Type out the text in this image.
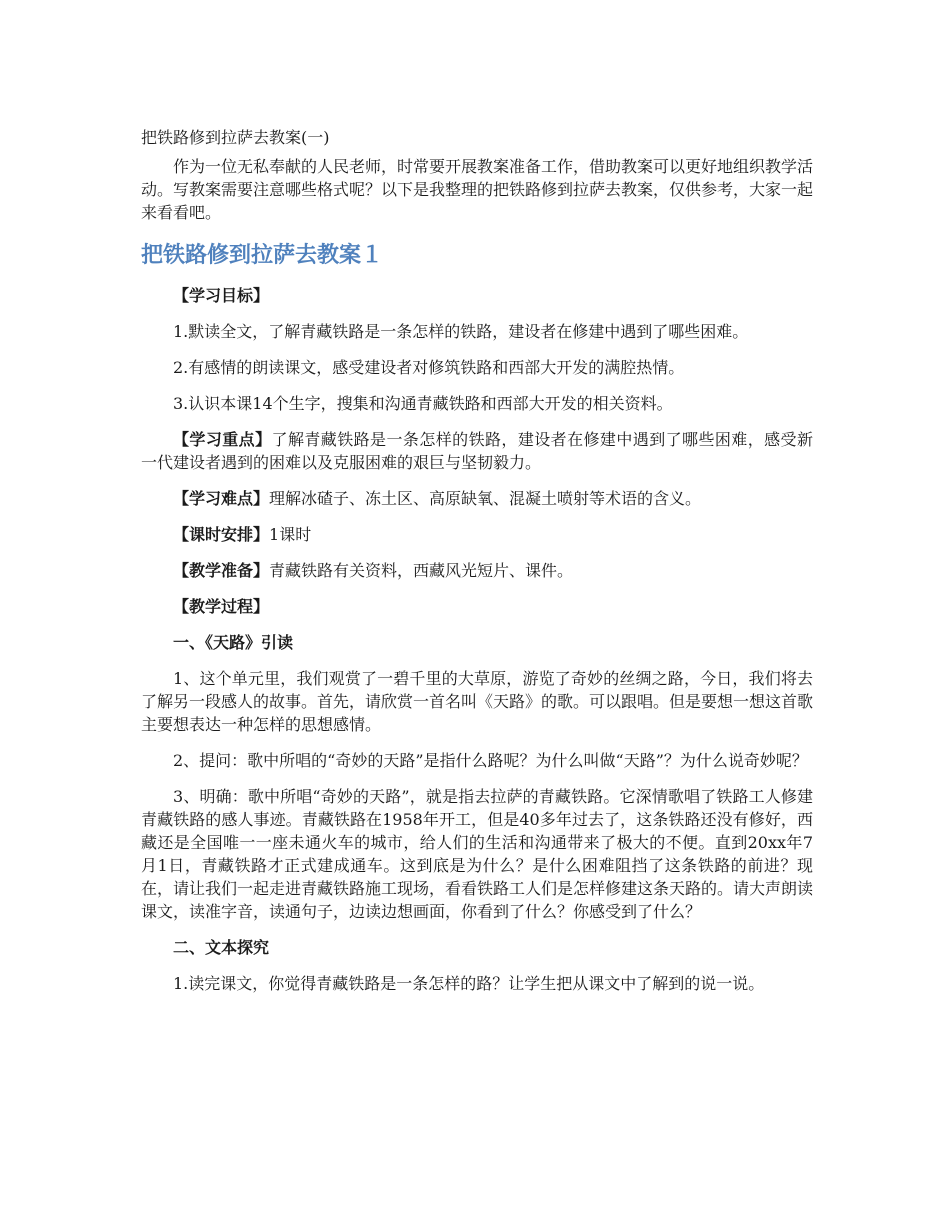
把铁路修到拉萨去教案(一)

作为一位无私奉献的人民老师，时常要开展教案准备工作，借助教案可以更好地组织教学活动。写教案需要注意哪些格式呢？以下是我整理的把铁路修到拉萨去教案，仅供参考，大家一起来看看吧。

把铁路修到拉萨去教案１

【学习目标】

1.默读全文，了解青藏铁路是一条怎样的铁路，建设者在修建中遇到了哪些困难。

2.有感情的朗读课文，感受建设者对修筑铁路和西部大开发的满腔热情。

3.认识本课14个生字，搜集和沟通青藏铁路和西部大开发的相关资料。

【学习重点】了解青藏铁路是一条怎样的铁路，建设者在修建中遇到了哪些困难，感受新一代建设者遇到的困难以及克服困难的艰巨与坚韧毅力。

【学习难点】理解冰碴子、冻土区、高原缺氧、混凝土喷射等术语的含义。

【课时安排】1课时

【教学准备】青藏铁路有关资料，西藏风光短片、课件。

【教学过程】

一、《天路》引读

1、这个单元里，我们观赏了一碧千里的大草原，游览了奇妙的丝绸之路，今日，我们将去了解另一段感人的故事。首先，请欣赏一首名叫《天路》的歌。可以跟唱。但是要想一想这首歌主要想表达一种怎样的思想感情。

2、提问：歌中所唱的“奇妙的天路”是指什么路呢？为什么叫做“天路”？为什么说奇妙呢？

3、明确：歌中所唱“奇妙的天路”，就是指去拉萨的青藏铁路。它深情歌唱了铁路工人修建青藏铁路的感人事迹。青藏铁路在1958年开工，但是40多年过去了，这条铁路还没有修好，西藏还是全国唯一一座未通火车的城市，给人们的生活和沟通带来了极大的不便。直到20xx年7月1日，青藏铁路才正式建成通车。这到底是为什么？是什么困难阻挡了这条铁路的前进？现在，请让我们一起走进青藏铁路施工现场，看看铁路工人们是怎样修建这条天路的。请大声朗读课文，读准字音，读通句子，边读边想画面，你看到了什么？你感受到了什么？

二、文本探究

1.读完课文，你觉得青藏铁路是一条怎样的路？让学生把从课文中了解到的说一说。
